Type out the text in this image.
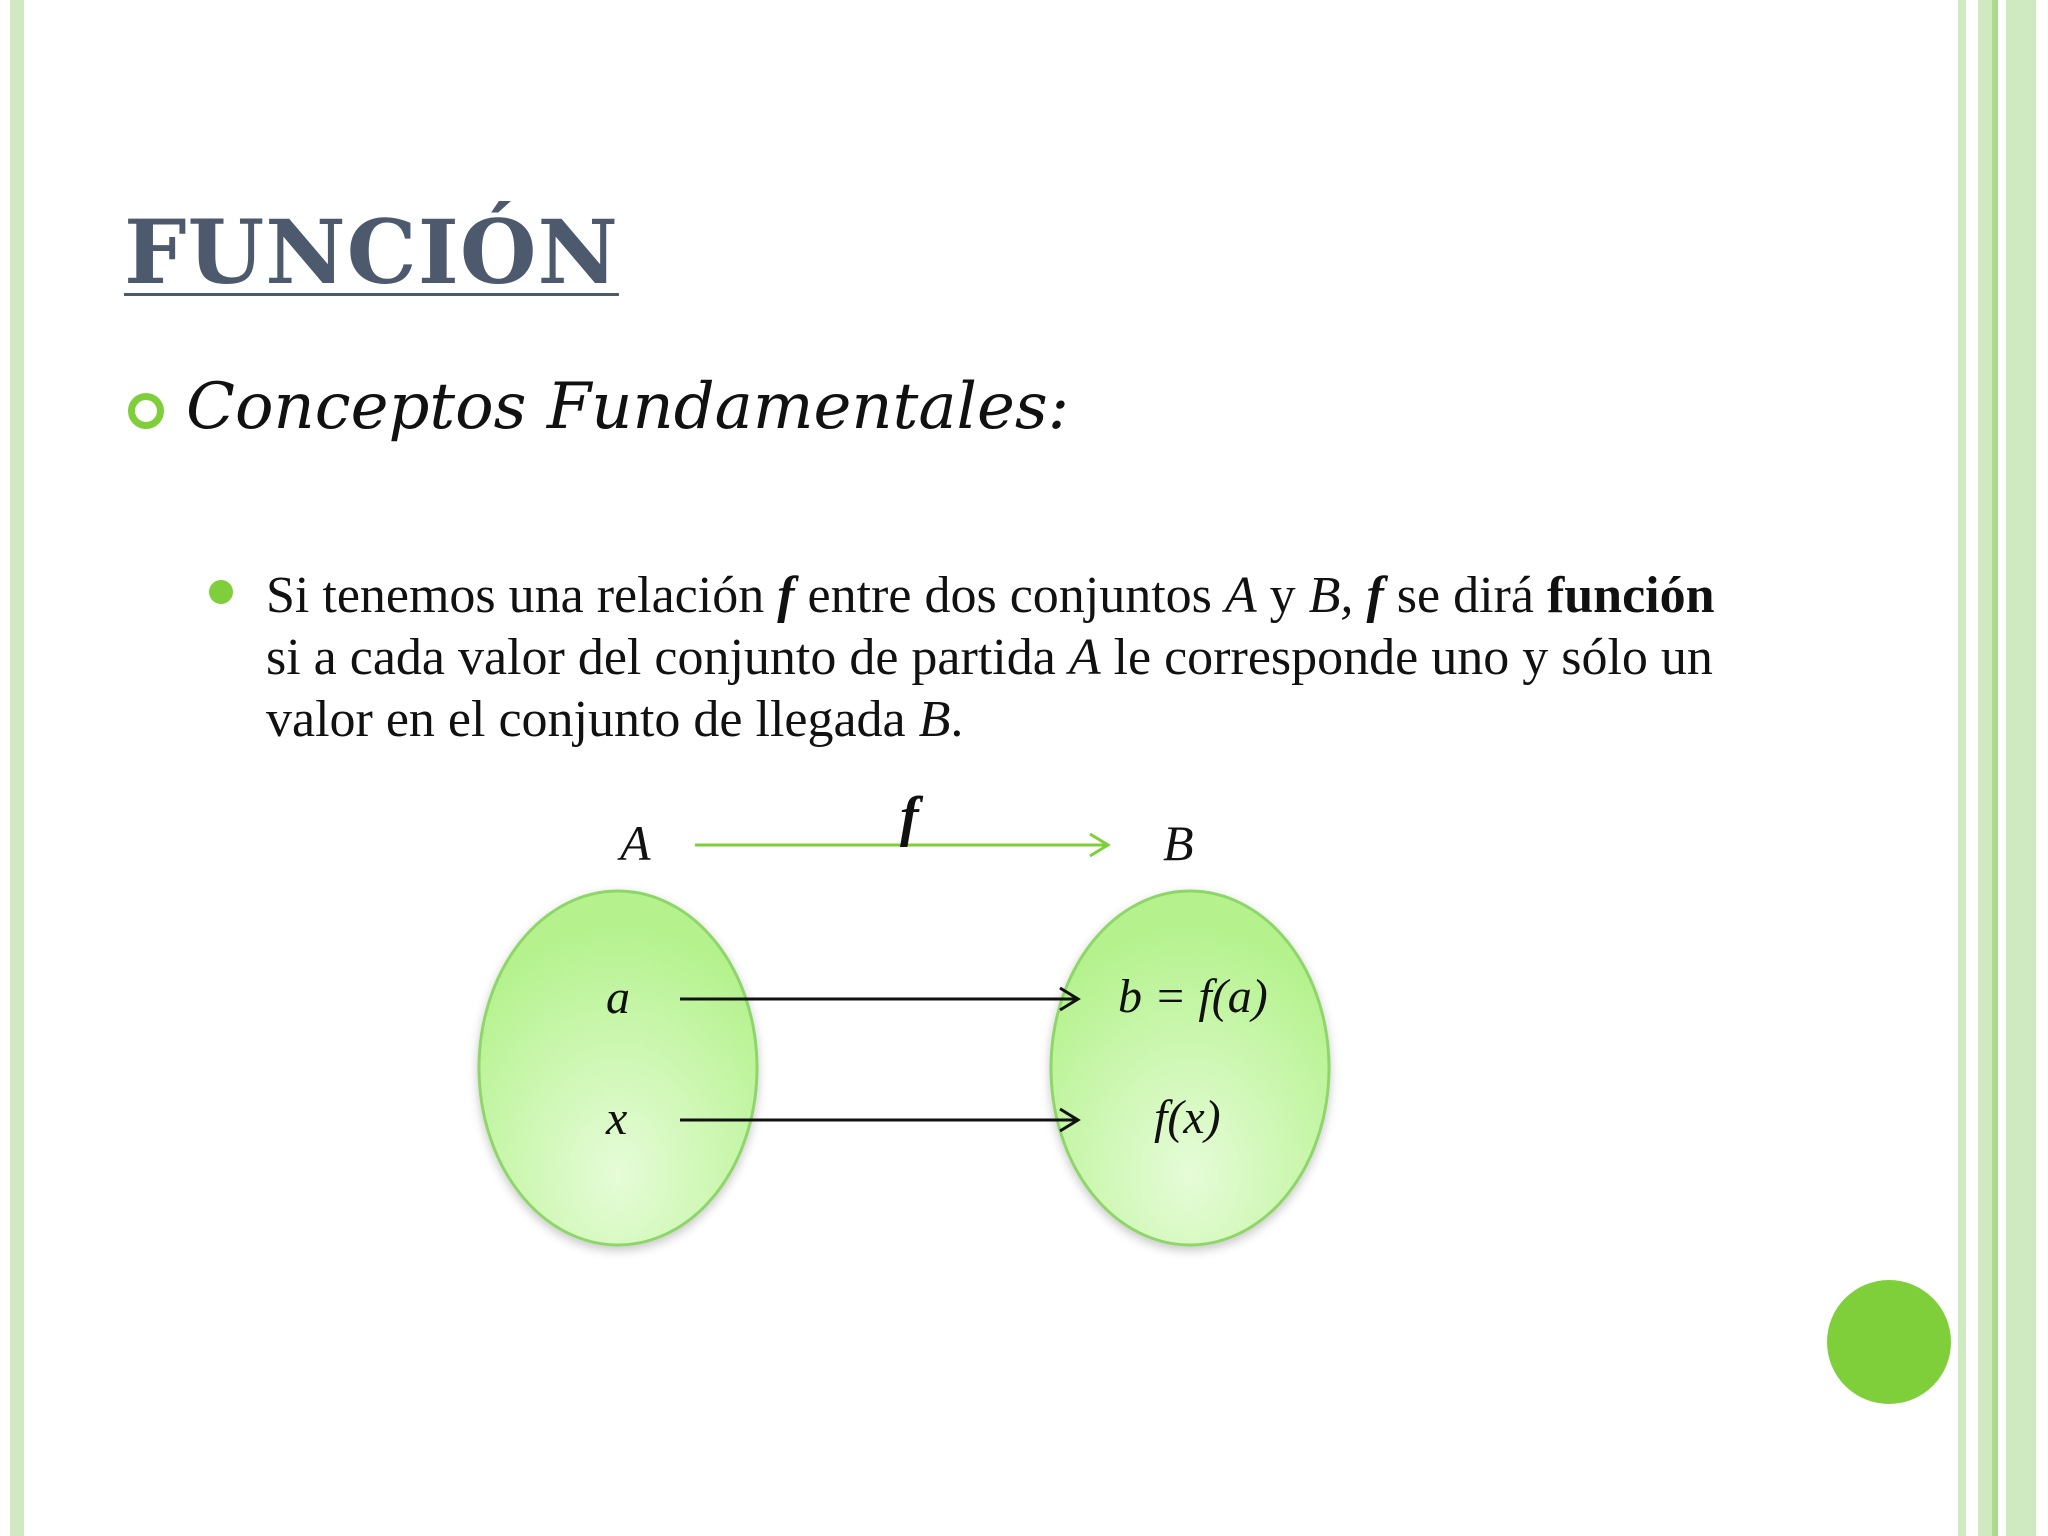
FUNCIÓN
Conceptos Fundamentales:
Si tenemos una relación f entre dos conjuntos A y B, f se dirá función si a cada valor del conjunto de partida A le corresponde uno y sólo un valor en el conjunto de llegada B.
A	B
f
a
x
b = f(a)
f(x)
